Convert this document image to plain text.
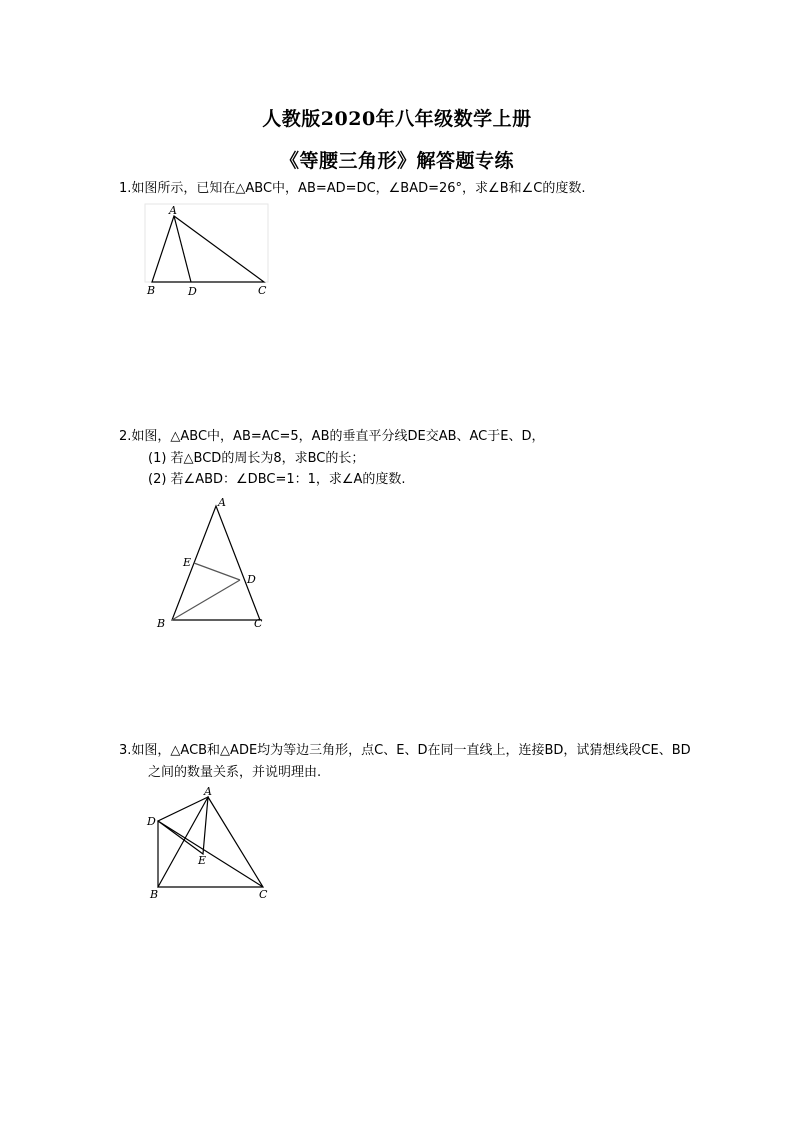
人教版2020年八年级数学上册
《等腰三角形》解答题专练
1.如图所示，已知在△ABC中，AB=AD=DC，∠BAD=26°，求∠B和∠C的度数.
A
B	D	C
2.如图，△ABC中，AB=AC=5，AB的垂直平分线DE交AB、AC于E、D，
(1) 若△BCD的周长为8，求BC的长；
(2) 若∠ABD：∠DBC=1：1，求∠A的度数.
A
E
D
B	C
3.如图，△ACB和△ADE均为等边三角形，点C、E、D在同一直线上，连接BD，试猜想线段CE、BD
之间的数量关系，并说明理由.
A
D
E
B	C
